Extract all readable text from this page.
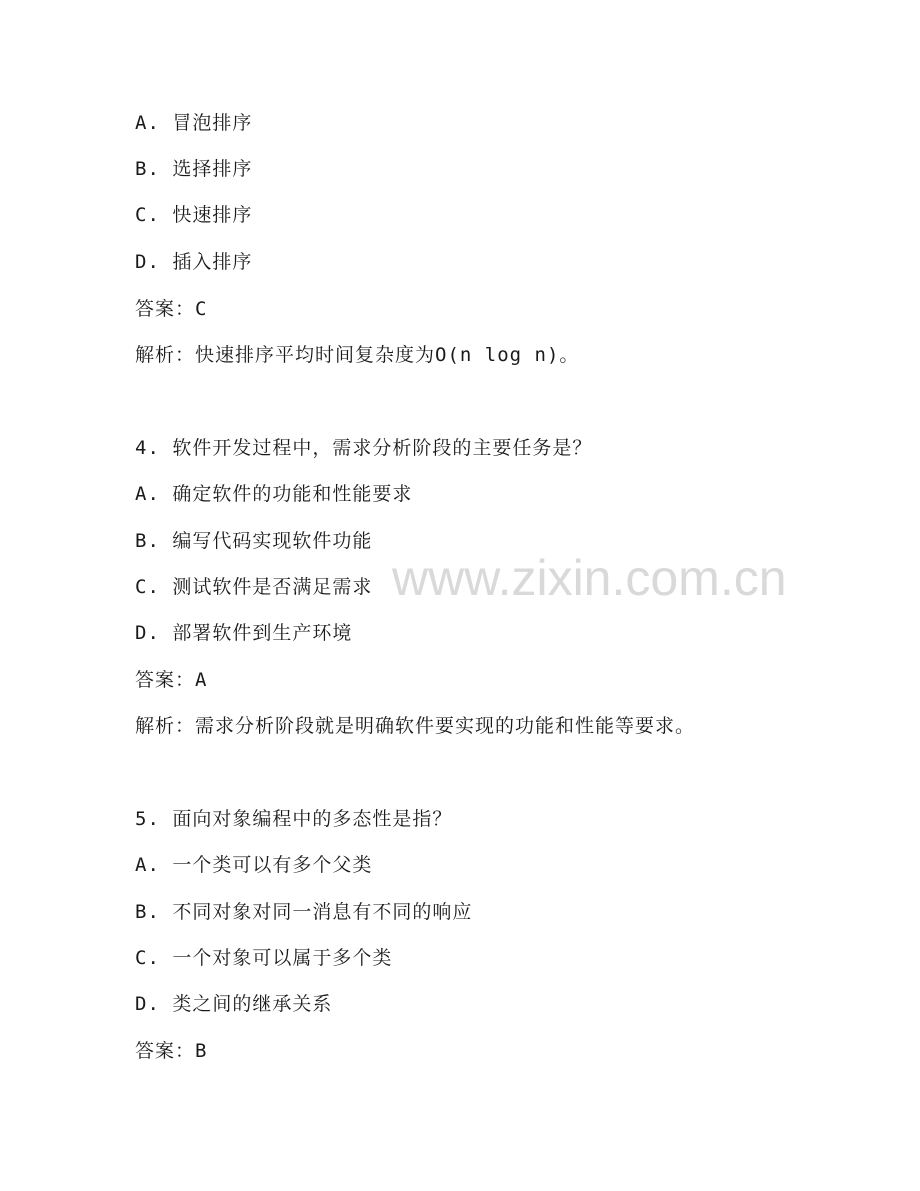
www.zixin.com.cn
A. 冒泡排序
B. 选择排序
C. 快速排序
D. 插入排序
答案：C
解析：快速排序平均时间复杂度为O(n log n)。
4. 软件开发过程中，需求分析阶段的主要任务是？
A. 确定软件的功能和性能要求
B. 编写代码实现软件功能
C. 测试软件是否满足需求
D. 部署软件到生产环境
答案：A
解析：需求分析阶段就是明确软件要实现的功能和性能等要求。
5. 面向对象编程中的多态性是指？
A. 一个类可以有多个父类
B. 不同对象对同一消息有不同的响应
C. 一个对象可以属于多个类
D. 类之间的继承关系
答案：B
